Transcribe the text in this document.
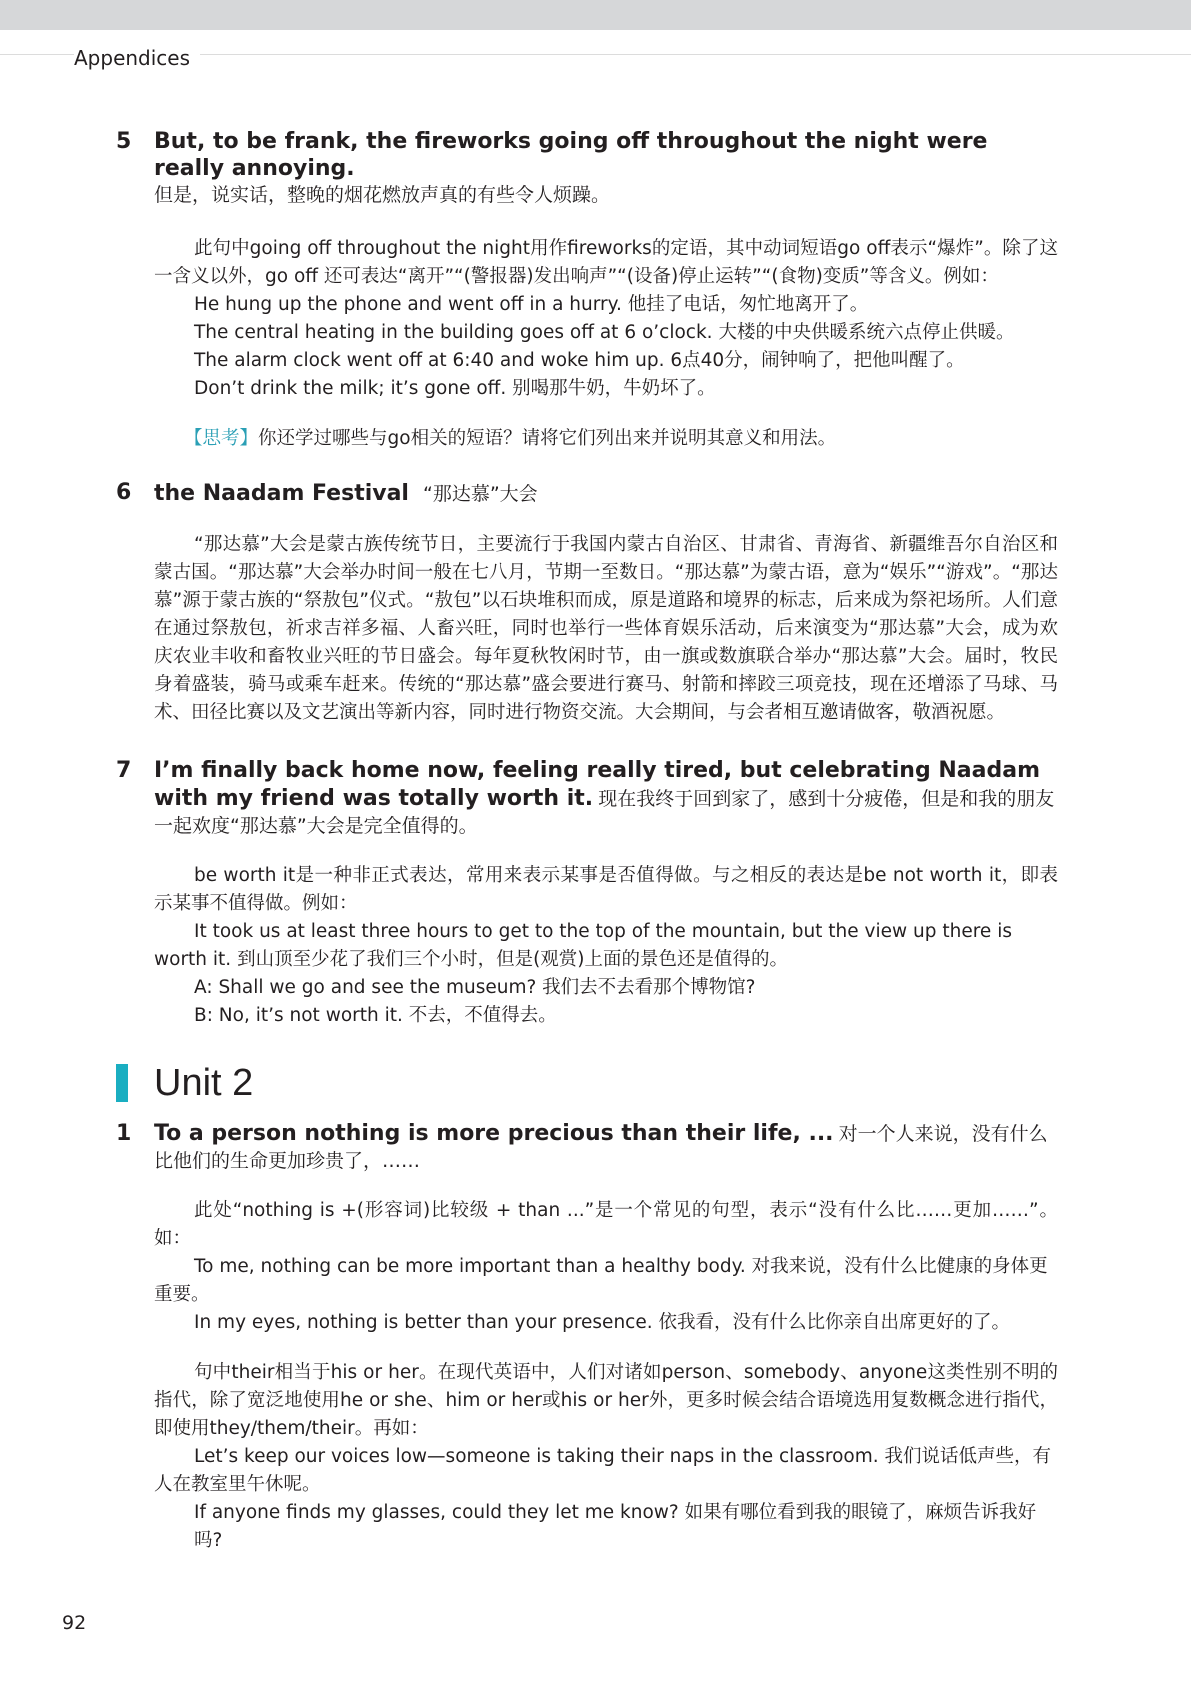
Appendices
5	But, to be frank, the fireworks going off throughout the night were really annoying.
但是，说实话，整晚的烟花燃放声真的有些令人烦躁。
此句中going off throughout the night用作fireworks的定语，其中动词短语go off表示“爆炸”。除了这一含义以外，go off 还可表达“离开”“(警报器)发出响声”“(设备)停止运转”“(食物)变质”等含义。例如：
He hung up the phone and went off in a hurry. 他挂了电话，匆忙地离开了。
The central heating in the building goes off at 6 o’clock. 大楼的中央供暖系统六点停止供暖。
The alarm clock went off at 6:40 and woke him up. 6点40分，闹钟响了，把他叫醒了。
Don’t drink the milk; it’s gone off. 别喝那牛奶，牛奶坏了。
【思考】你还学过哪些与go相关的短语？请将它们列出来并说明其意义和用法。
6	the Naadam Festival “那达慕”大会
“那达慕”大会是蒙古族传统节日，主要流行于我国内蒙古自治区、甘肃省、青海省、新疆维吾尔自治区和蒙古国。“那达慕”大会举办时间一般在七八月，节期一至数日。“那达慕”为蒙古语，意为“娱乐”“游戏”。“那达慕”源于蒙古族的“祭敖包”仪式。“敖包”以石块堆积而成，原是道路和境界的标志，后来成为祭祀场所。人们意在通过祭敖包，祈求吉祥多福、人畜兴旺，同时也举行一些体育娱乐活动，后来演变为“那达慕”大会，成为欢庆农业丰收和畜牧业兴旺的节日盛会。每年夏秋牧闲时节，由一旗或数旗联合举办“那达慕”大会。届时，牧民身着盛装，骑马或乘车赶来。传统的“那达慕”盛会要进行赛马、射箭和摔跤三项竞技，现在还增添了马球、马术、田径比赛以及文艺演出等新内容，同时进行物资交流。大会期间，与会者相互邀请做客，敬酒祝愿。
7	I’m finally back home now, feeling really tired, but celebrating Naadam with my friend was totally worth it. 现在我终于回到家了，感到十分疲倦，但是和我的朋友一起欢度“那达慕”大会是完全值得的。
be worth it是一种非正式表达，常用来表示某事是否值得做。与之相反的表达是be not worth it，即表示某事不值得做。例如：
It took us at least three hours to get to the top of the mountain, but the view up there is worth it. 到山顶至少花了我们三个小时，但是(观赏)上面的景色还是值得的。
A: Shall we go and see the museum? 我们去不去看那个博物馆?
B: No, it’s not worth it. 不去，不值得去。
Unit 2
1	To a person nothing is more precious than their life, ... 对一个人来说，没有什么比他们的生命更加珍贵了，……
此处“nothing is +(形容词)比较级 + than ...”是一个常见的句型，表示“没有什么比……更加……”。如：
To me, nothing can be more important than a healthy body. 对我来说，没有什么比健康的身体更重要。
In my eyes, nothing is better than your presence. 依我看，没有什么比你亲自出席更好的了。
句中their相当于his or her。在现代英语中，人们对诸如person、somebody、anyone这类性别不明的指代，除了宽泛地使用he or she、him or her或his or her外，更多时候会结合语境选用复数概念进行指代，即使用they/them/their。再如：
Let’s keep our voices low—someone is taking their naps in the classroom. 我们说话低声些，有人在教室里午休呢。
If anyone finds my glasses, could they let me know? 如果有哪位看到我的眼镜了，麻烦告诉我好吗?
92
